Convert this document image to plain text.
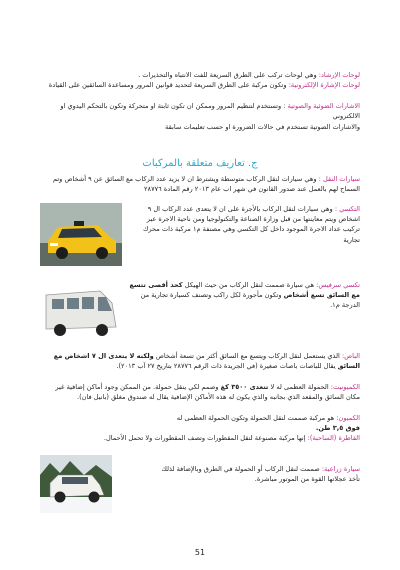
لوحات الإرشاد: وهي لوحات تركب على الطرق السريعة للفت الانتباه والتحذيرات .

لوحات الإشارة الإلكترونية: وتكون مركبة على الطرق السريعة لتحديد قوانين المرور ومساعدة السائقين على القيادة

الاشارات الضوئية والصوتية : وتستخدم لتنظيم المرور وممكن ان تكون ثابتة او متحركة وتكون بالتحكم اليدوي او الالكتروني

والاشارات الصوتية تستخدم في حالات الضرورة او حسب تعليمات سابقة

ج. تعاريف متعلقة بالمركبات

سيارات النقل : وهي سيارات لنقل الركاب متوسطة ويشترط ان لا يزيد عدد الركاب مع السائق عن ٩ أشخاص وتم السماح لهم بالعمل عند صدور القانون في شهر اب عام ٢٠١٣ رقم المادة ٢٨٧٧٦

التكسي : وهي سيارات لنقل الركاب بالأجرة على ان لا يتعدى عدد الركاب ال ٩ اشخاص ويتم معاينتها من قبل وزارة الصناعة والتكنولوجيا ومن ناحية الاجرة عبر تركيب عداد الاجرة الموجود داخل كل التكسي وهي مصنفة م١ مركبة ذات محرك تجارية

تكسي سرفيس: هي سيارة صممت لنقل الركاب من حيث الهيكل كحد أقصى تتسع مع السائق تسع أشخاص وتكون مأجورة لكل راكب وتصنف كسيارة تجارية من الدرجة م١.

الباص: الذي يستعمل لنقل الركاب ويتسع مع السائق أكثر من تسعة أشخاص ولكنه لا يتعدى ال ٧ اشخاص مع السائق يقال للباصات باصات صغيرة (في الجريدة ذات الرقم ٢٨٧٧٦ بتاريخ ٢٧ آب ٢٠١٣).

الكميونيت: الحمولة العظمى له لا تتعدى ٣٥٠٠ كغ وصمم لكي ينقل حمولة. من الممكن وجود أماكن إضافية غير مكان السائق والمقعد الذي بجانبه والذي يكون له هذه الأماكن الإضافية يقال له صندوق مغلق (بانيل فان).

الكميون: هو مركبة صممت لنقل الحمولة وتكون الحمولة العظمى له

فوق ٣,٥ طن.

القاطرة (الساحبة): إنها مركبة مصنوعة لنقل المقطورات وتصف المقطورات ولا تحمل الأحمال.

سيارة زراعية: صممت لنقل الركاب أو الحمولة في الطرق وبالإضافة لذلك تأخذ عجلاتها القوة من الموتور مباشرة.

51
